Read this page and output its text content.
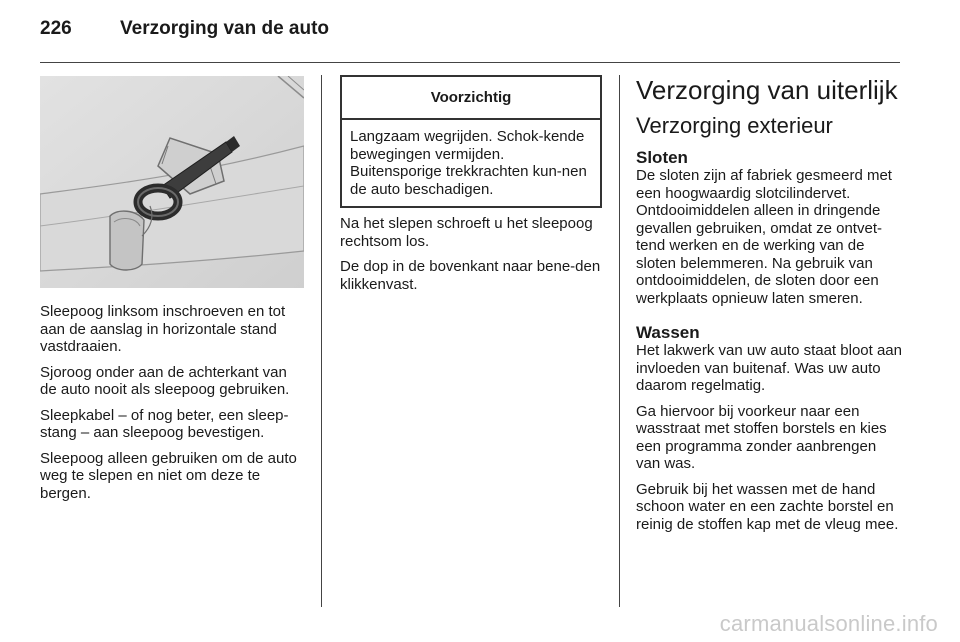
226	Verzorging van de auto

Sleepoog linksom inschroeven en tot aan de aanslag in horizontale stand vastdraaien.

Sjoroog onder aan de achterkant van de auto nooit als sleepoog gebruiken.

Sleepkabel – of nog beter, een sleep-stang – aan sleepoog bevestigen.

Sleepoog alleen gebruiken om de auto weg te slepen en niet om deze te bergen.

Voorzichtig
Langzaam wegrijden. Schok-kende bewegingen vermijden. Buitensporige trekkrachten kun-nen de auto beschadigen.

Na het slepen schroeft u het sleepoog rechtsom los.

De dop in de bovenkant naar bene-den klikkenvast.

Verzorging van uiterlijk
Verzorging exterieur
Sloten

De sloten zijn af fabriek gesmeerd met een hoogwaardig slotcilindervet. Ontdooimiddelen alleen in dringende gevallen gebruiken, omdat ze ontvet-tend werken en de werking van de sloten belemmeren. Na gebruik van ontdooimiddelen, de sloten door een werkplaats opnieuw laten smeren.

Wassen

Het lakwerk van uw auto staat bloot aan invloeden van buitenaf. Was uw auto daarom regelmatig.

Ga hiervoor bij voorkeur naar een wasstraat met stoffen borstels en kies een programma zonder aanbrengen van was.

Gebruik bij het wassen met de hand schoon water en een zachte borstel en reinig de stoffen kap met de vleug mee.

carmanualsonline.info
